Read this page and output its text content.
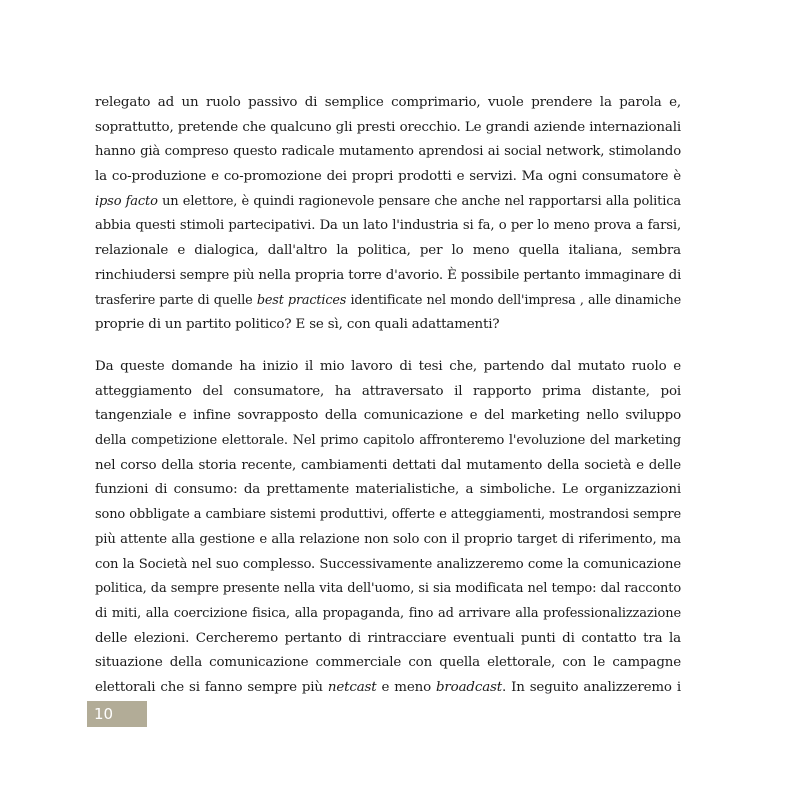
relegato ad un ruolo passivo di semplice comprimario, vuole prendere la parola e,
soprattutto, pretende che qualcuno gli presti orecchio. Le grandi aziende internazionali
hanno già compreso questo radicale mutamento aprendosi ai social network, stimolando
la co-produzione e co-promozione dei propri prodotti e servizi. Ma ogni consumatore è
ipso facto un elettore, è quindi ragionevole pensare che anche nel rapportarsi alla politica
abbia questi stimoli partecipativi. Da un lato l'industria si fa, o per lo meno prova a farsi,
relazionale e dialogica, dall'altro la politica, per lo meno quella italiana, sembra
rinchiudersi sempre più nella propria torre d'avorio. È possibile pertanto immaginare di
trasferire parte di quelle best practices identificate nel mondo dell'impresa , alle dinamiche
proprie di un partito politico? E se sì, con quali adattamenti?
Da queste domande ha inizio il mio lavoro di tesi che, partendo dal mutato ruolo e
atteggiamento del consumatore, ha attraversato il rapporto prima distante, poi
tangenziale e infine sovrapposto della comunicazione e del marketing nello sviluppo
della competizione elettorale. Nel primo capitolo affronteremo l'evoluzione del marketing
nel corso della storia recente, cambiamenti dettati dal mutamento della società e delle
funzioni di consumo: da prettamente materialistiche, a simboliche. Le organizzazioni
sono obbligate a cambiare sistemi produttivi, offerte e atteggiamenti, mostrandosi sempre
più attente alla gestione e alla relazione non solo con il proprio target di riferimento, ma
con la Società nel suo complesso. Successivamente analizzeremo come la comunicazione
politica, da sempre presente nella vita dell'uomo, si sia modificata nel tempo: dal racconto
di miti, alla coercizione fisica, alla propaganda, fino ad arrivare alla professionalizzazione
delle elezioni. Cercheremo pertanto di rintracciare eventuali punti di contatto tra la
situazione della comunicazione commerciale con quella elettorale, con le campagne
elettorali che si fanno sempre più netcast e meno broadcast. In seguito analizzeremo i
10
